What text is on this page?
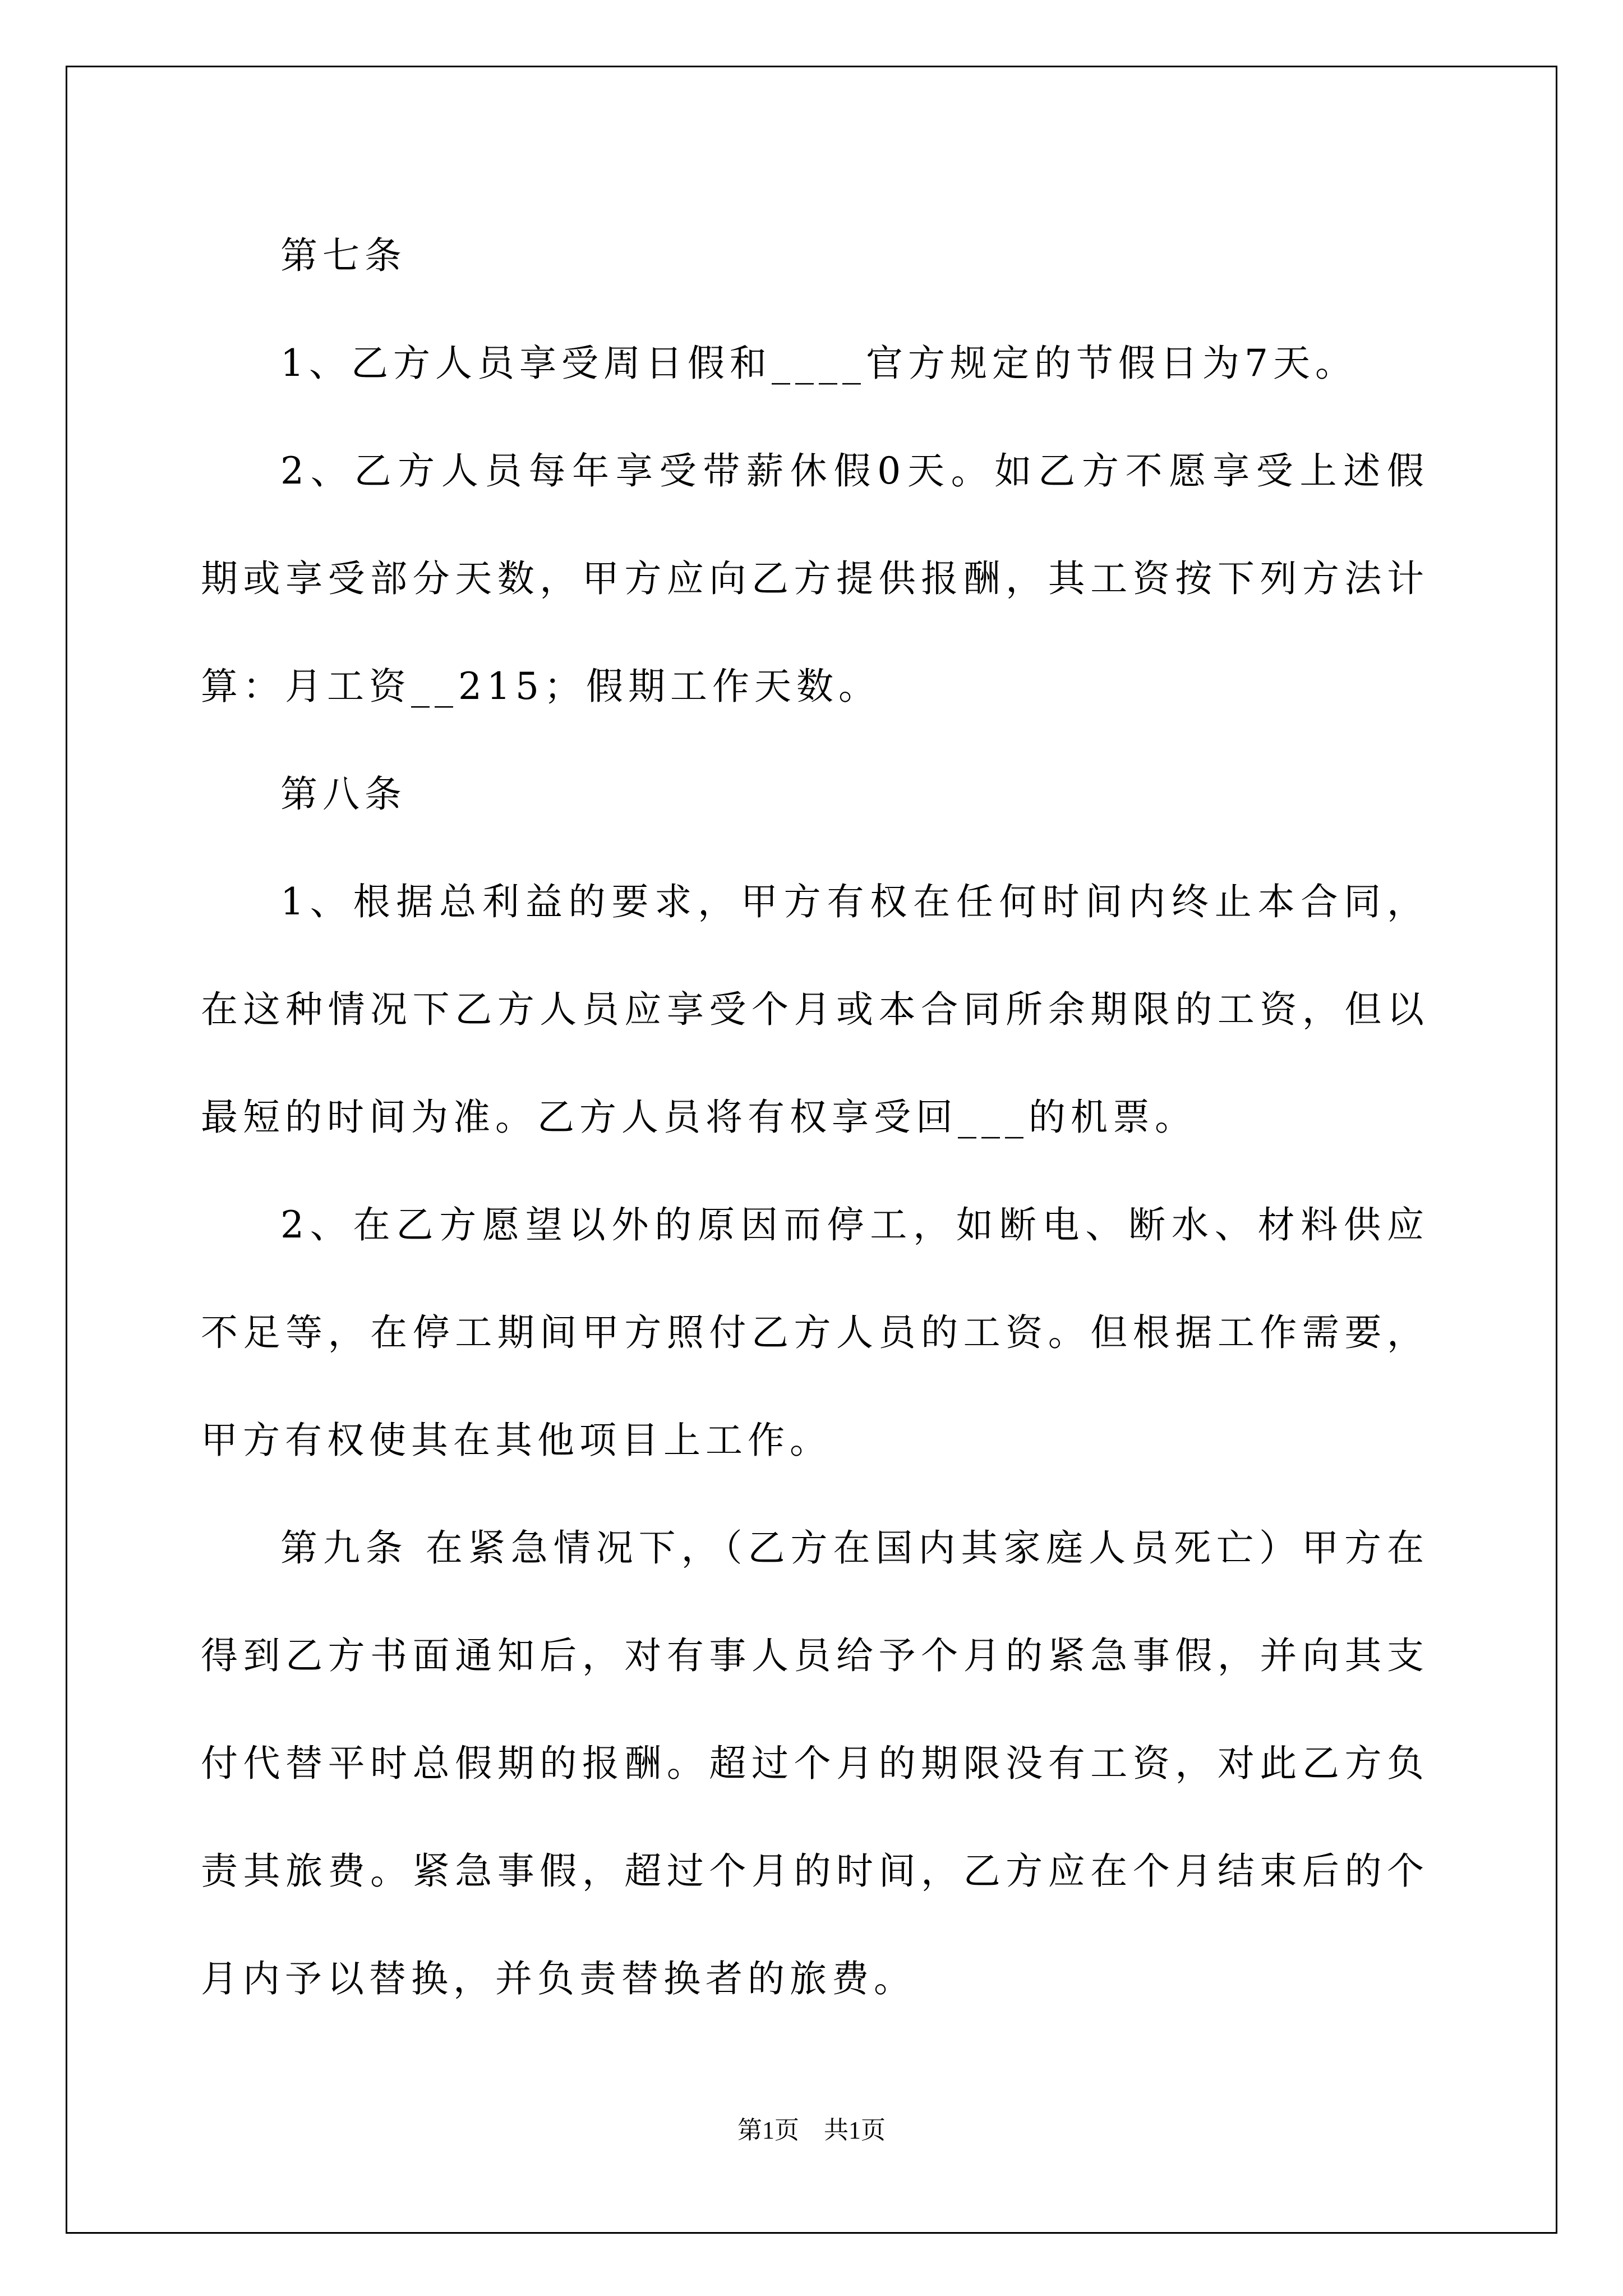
第七条

1、乙方人员享受周日假和____官方规定的节假日为7天。

2、乙方人员每年享受带薪休假0天。如乙方不愿享受上述假期或享受部分天数，甲方应向乙方提供报酬，其工资按下列方法计算：月工资__215；假期工作天数。

第八条

1、根据总利益的要求，甲方有权在任何时间内终止本合同，在这种情况下乙方人员应享受个月或本合同所余期限的工资，但以最短的时间为准。乙方人员将有权享受回___的机票。

2、在乙方愿望以外的原因而停工，如断电、断水、材料供应不足等，在停工期间甲方照付乙方人员的工资。但根据工作需要，甲方有权使其在其他项目上工作。

第九条 在紧急情况下，（乙方在国内其家庭人员死亡）甲方在得到乙方书面通知后，对有事人员给予个月的紧急事假，并向其支付代替平时总假期的报酬。超过个月的期限没有工资，对此乙方负责其旅费。紧急事假，超过个月的时间，乙方应在个月结束后的个月内予以替换，并负责替换者的旅费。

第1页　共1页
